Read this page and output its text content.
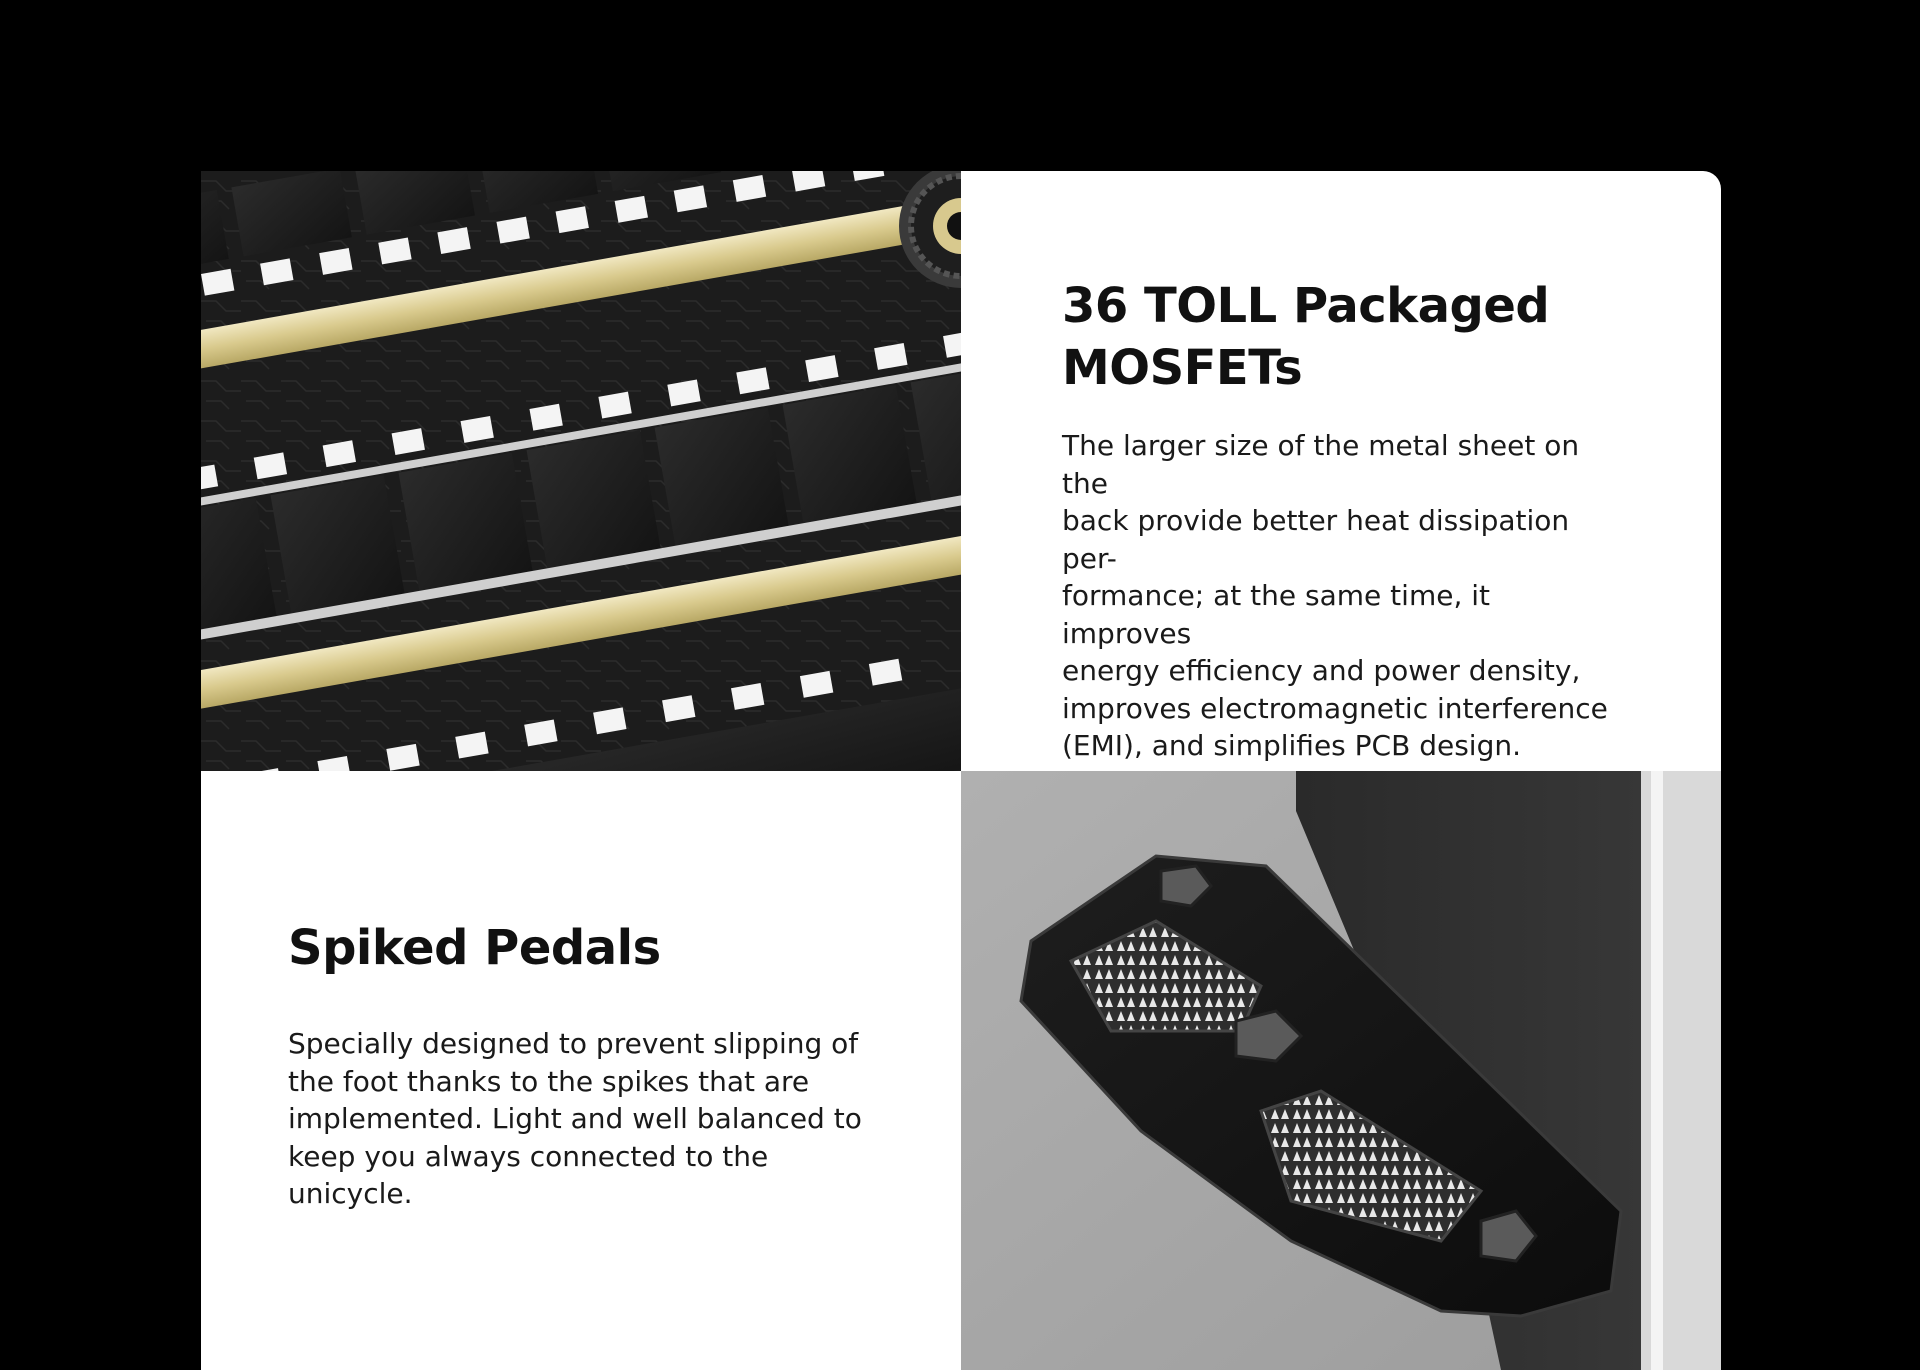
36 TOLL Packaged
MOSFETs

The larger size of the metal sheet on the
back provide better heat dissipation per-
formance; at the same time, it improves
energy efficiency and power density,
improves electromagnetic interference
(EMI), and simplifies PCB design.

Spiked Pedals

Specially designed to prevent slipping of
the foot thanks to the spikes that are
implemented. Light and well balanced to
keep you always connected to the
unicycle.
